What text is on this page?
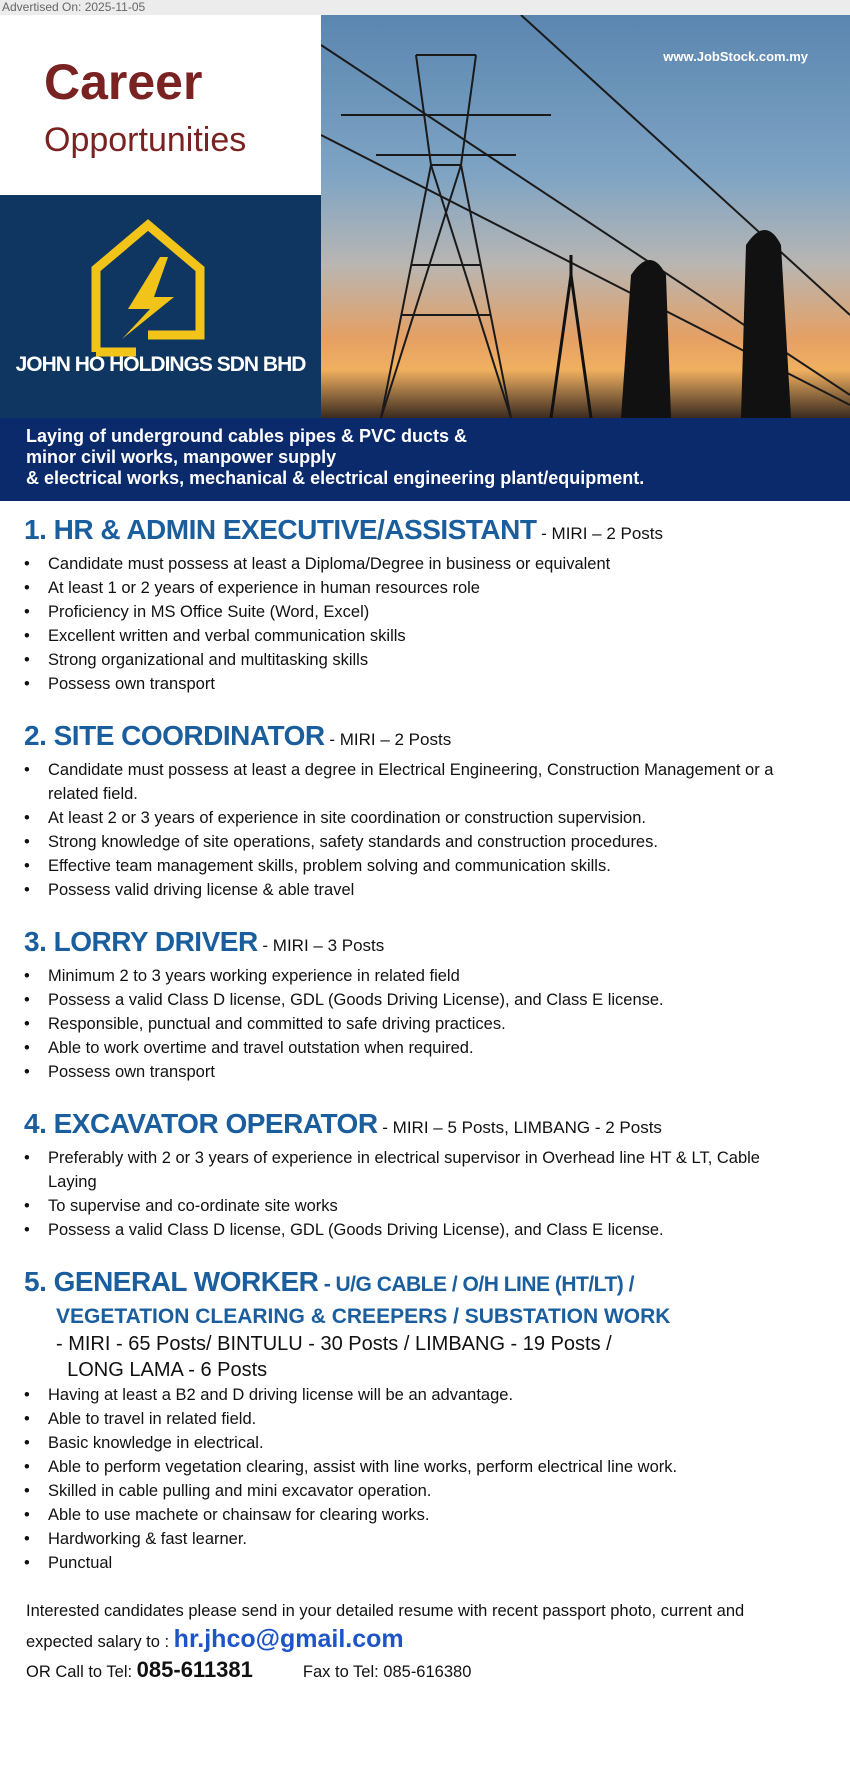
Advertised On: 2025-11-05
Career
Opportunities
JOHN HO HOLDINGS SDN BHD
www.JobStock.com.my
Laying of underground cables pipes & PVC ducts &
minor civil works, manpower supply
& electrical works, mechanical & electrical engineering plant/equipment.
1. HR & ADMIN EXECUTIVE/ASSISTANT - MIRI – 2 Posts
• Candidate must possess at least a Diploma/Degree in business or equivalent
• At least 1 or 2 years of experience in human resources role
• Proficiency in MS Office Suite (Word, Excel)
• Excellent written and verbal communication skills
• Strong organizational and multitasking skills
• Possess own transport
2. SITE COORDINATOR - MIRI – 2 Posts
• Candidate must possess at least a degree in Electrical Engineering, Construction Management or a related field.
• At least 2 or 3 years of experience in site coordination or construction supervision.
• Strong knowledge of site operations, safety standards and construction procedures.
• Effective team management skills, problem solving and communication skills.
• Possess valid driving license & able travel
3. LORRY DRIVER - MIRI – 3 Posts
• Minimum 2 to 3 years working experience in related field
• Possess a valid Class D license, GDL (Goods Driving License), and Class E license.
• Responsible, punctual and committed to safe driving practices.
• Able to work overtime and travel outstation when required.
• Possess own transport
4. EXCAVATOR OPERATOR - MIRI – 5 Posts, LIMBANG - 2 Posts
• Preferably with 2 or 3 years of experience in electrical supervisor in Overhead line HT & LT, Cable Laying
• To supervise and co-ordinate site works
• Possess a valid Class D license, GDL (Goods Driving License), and Class E license.
5. GENERAL WORKER - U/G CABLE / O/H LINE (HT/LT) /
VEGETATION CLEARING & CREEPERS / SUBSTATION WORK
- MIRI - 65 Posts/ BINTULU - 30 Posts / LIMBANG - 19 Posts /
LONG LAMA - 6 Posts
• Having at least a B2 and D driving license will be an advantage.
• Able to travel in related field.
• Basic knowledge in electrical.
• Able to perform vegetation clearing, assist with line works, perform electrical line work.
• Skilled in cable pulling and mini excavator operation.
• Able to use machete or chainsaw for clearing works.
• Hardworking & fast learner.
• Punctual
Interested candidates please send in your detailed resume with recent passport photo, current and
expected salary to : hr.jhco@gmail.com
OR Call to Tel: 085-611381	Fax to Tel: 085-616380
